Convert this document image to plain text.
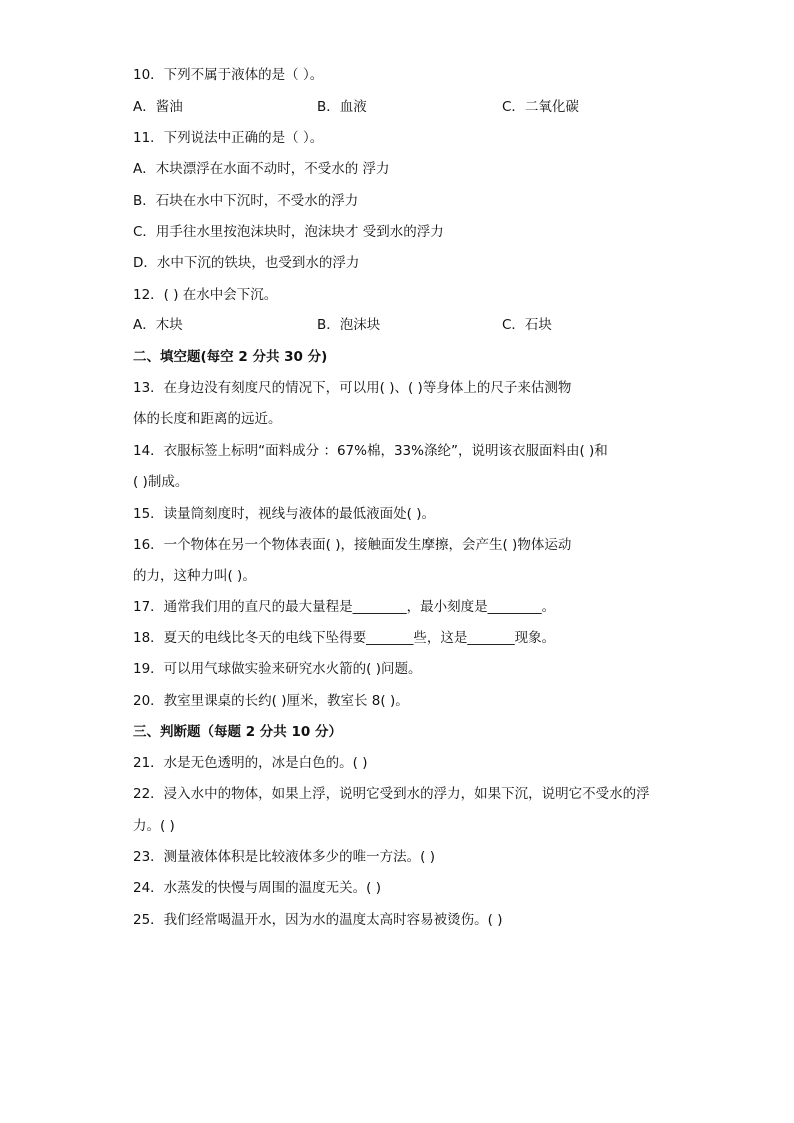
10．下列不属于液体的是（ ）。
A．酱油	B．血液	C．二氧化碳
11．下列说法中正确的是（ ）。
A．木块漂浮在水面不动时，不受水的 浮力
B．石块在水中下沉时，不受水的浮力
C．用手往水里按泡沫块时，泡沫块才 受到水的浮力
D．水中下沉的铁块，也受到水的浮力
12．( ) 在水中会下沉。
A．木块	B．泡沫块	C．石块
二、填空题(每空 2 分共 30 分)
13．在身边没有刻度尺的情况下，可以用( )、( )等身体上的尺子来估测物
体的长度和距离的远近。
14．衣服标签上标明“面料成分 ：67%棉，33%涤纶”，说明该衣服面料由( )和
( )制成。
15．读量筒刻度时，视线与液体的最低液面处( )。
16．一个物体在另一个物体表面( )，接触面发生摩擦，会产生( )物体运动
的力，这种力叫( )。
17．通常我们用的直尺的最大量程是________，最小刻度是________。
18．夏天的电线比冬天的电线下坠得要_______些，这是_______现象。
19．可以用气球做实验来研究水火箭的( )问题。
20．教室里课桌的长约( )厘米，教室长 8( )。
三、判断题（每题 2 分共 10 分）
21．水是无色透明的，冰是白色的。( )
22．浸入水中的物体，如果上浮，说明它受到水的浮力，如果下沉，说明它不受水的浮
力。( )
23．测量液体体积是比较液体多少的唯一方法。( )
24．水蒸发的快慢与周围的温度无关。( )
25．我们经常喝温开水，因为水的温度太高时容易被烫伤。( )
